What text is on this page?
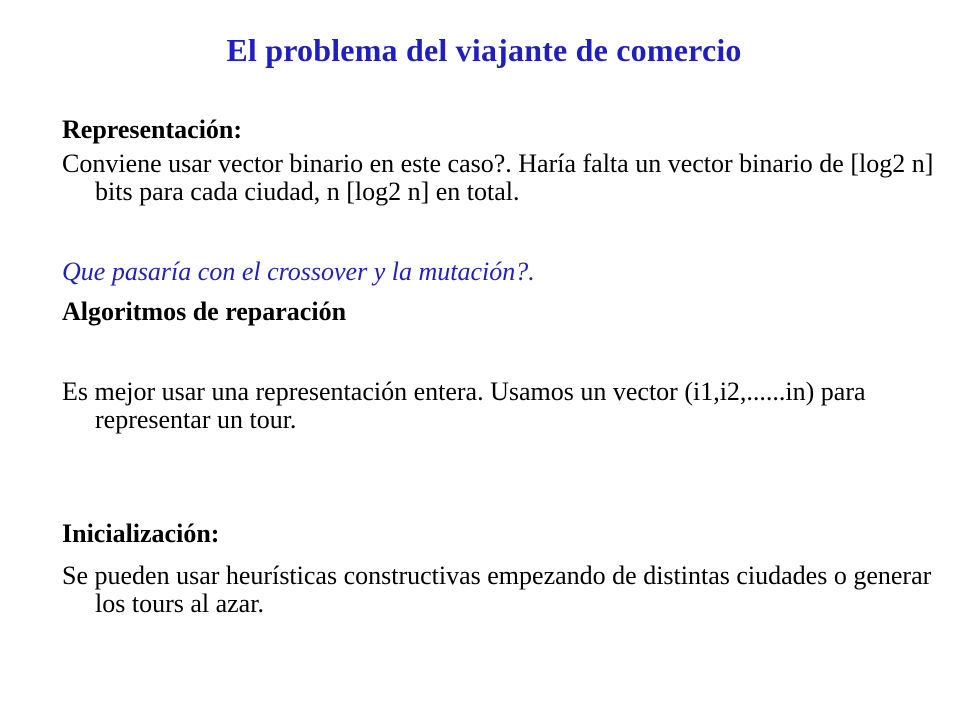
El problema del viajante de comercio
Representación:
Conviene usar vector binario en este caso?. Haría falta un vector binario de [log2 n] bits para cada ciudad, n [log2 n] en total.
Que pasaría con el crossover y la mutación?.
Algoritmos de reparación
Es mejor usar una representación entera. Usamos un vector (i1,i2,......in) para representar un tour.
Inicialización:
Se pueden usar heurísticas constructivas empezando de distintas ciudades o generar los tours al azar.
